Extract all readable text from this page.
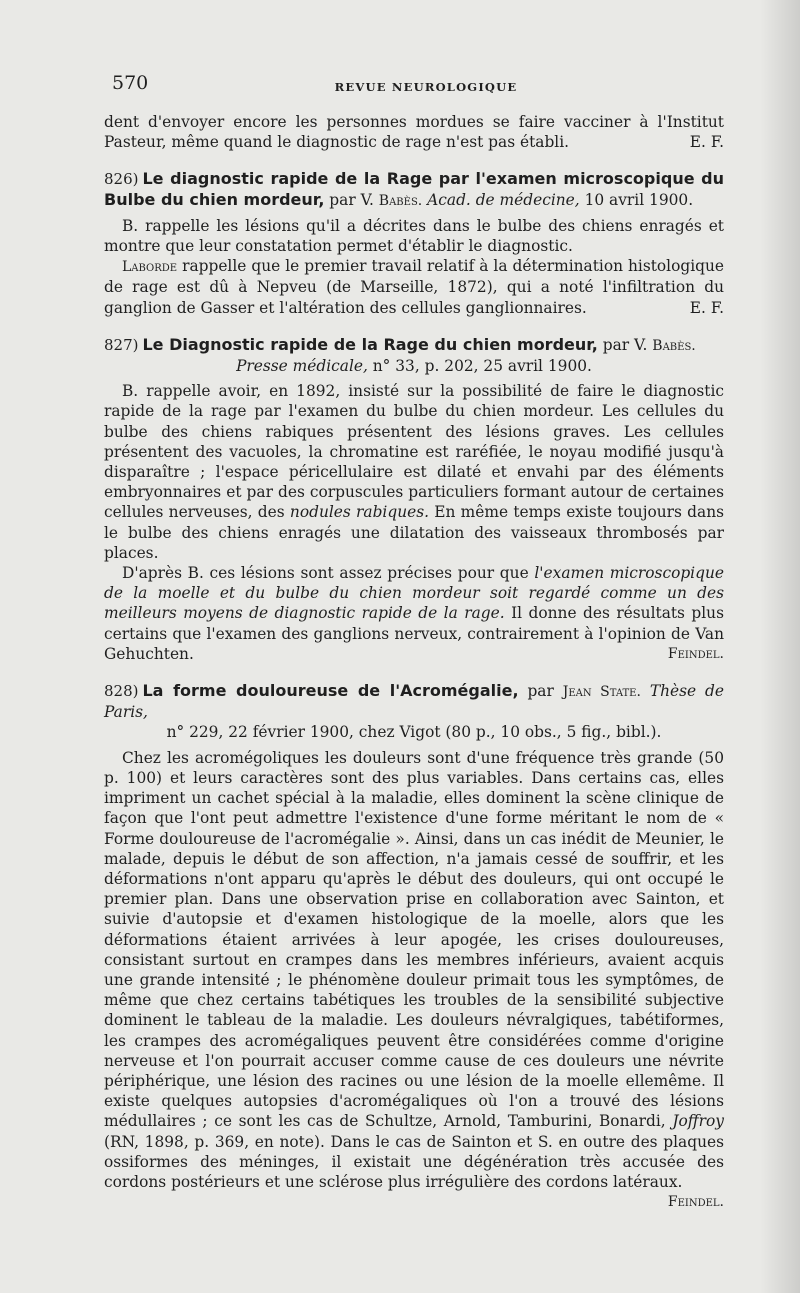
570	REVUE NEUROLOGIQUE

dent d'envoyer encore les personnes mordues se faire vacciner à l'Institut Pasteur, même quand le diagnostic de rage n'est pas établi.	E. F.

826) Le diagnostic rapide de la Rage par l'examen microscopique du Bulbe du chien mordeur, par V. Babès. Acad. de médecine, 10 avril 1900.

B. rappelle les lésions qu'il a décrites dans le bulbe des chiens enragés et montre que leur constatation permet d'établir le diagnostic.

Laborde rappelle que le premier travail relatif à la détermination histologique de rage est dû à Nepveu (de Marseille, 1872), qui a noté l'infiltration du ganglion de Gasser et l'altération des cellules ganglionnaires.	E. F.

827) Le Diagnostic rapide de la Rage du chien mordeur, par V. Babès.
Presse médicale, n° 33, p. 202, 25 avril 1900.

B. rappelle avoir, en 1892, insisté sur la possibilité de faire le diagnostic rapide de la rage par l'examen du bulbe du chien mordeur. Les cellules du bulbe des chiens rabiques présentent des lésions graves. Les cellules présentent des vacuoles, la chromatine est raréfiée, le noyau modifié jusqu'à disparaître ; l'espace péricellulaire est dilaté et envahi par des éléments embryonnaires et par des corpuscules particuliers formant autour de certaines cellules nerveuses, des nodules rabiques. En même temps existe toujours dans le bulbe des chiens enragés une dilatation des vaisseaux thrombosés par places.

D'après B. ces lésions sont assez précises pour que l'examen microscopique de la moelle et du bulbe du chien mordeur soit regardé comme un des meilleurs moyens de diagnostic rapide de la rage. Il donne des résultats plus certains que l'examen des ganglions nerveux, contrairement à l'opinion de Van Gehuchten.	Feindel.

828) La forme douloureuse de l'Acromégalie, par Jean State. Thèse de Paris,
n° 229, 22 février 1900, chez Vigot (80 p., 10 obs., 5 fig., bibl.).

Chez les acromégoliques les douleurs sont d'une fréquence très grande (50 p. 100) et leurs caractères sont des plus variables. Dans certains cas, elles impriment un cachet spécial à la maladie, elles dominent la scène clinique de façon que l'ont peut admettre l'existence d'une forme méritant le nom de « Forme douloureuse de l'acromégalie ». Ainsi, dans un cas inédit de Meunier, le malade, depuis le début de son affection, n'a jamais cessé de souffrir, et les déformations n'ont apparu qu'après le début des douleurs, qui ont occupé le premier plan. Dans une observation prise en collaboration avec Sainton, et suivie d'autopsie et d'examen histologique de la moelle, alors que les déformations étaient arrivées à leur apogée, les crises douloureuses, consistant surtout en crampes dans les membres inférieurs, avaient acquis une grande intensité ; le phénomène douleur primait tous les symptômes, de même que chez certains tabétiques les troubles de la sensibilité subjective dominent le tableau de la maladie. Les douleurs névralgiques, tabétiformes, les crampes des acromégaliques peuvent être considérées comme d'origine nerveuse et l'on pourrait accuser comme cause de ces douleurs une névrite périphérique, une lésion des racines ou une lésion de la moelle ellemême. Il existe quelques autopsies d'acromégaliques où l'on a trouvé des lésions médullaires ; ce sont les cas de Schultze, Arnold, Tamburini, Bonardi, Joffroy (RN, 1898, p. 369, en note). Dans le cas de Sainton et S. en outre des plaques ossiformes des méninges, il existait une dégénération très accusée des cordons postérieurs et une sclérose plus irrégulière des cordons latéraux.
Feindel.
